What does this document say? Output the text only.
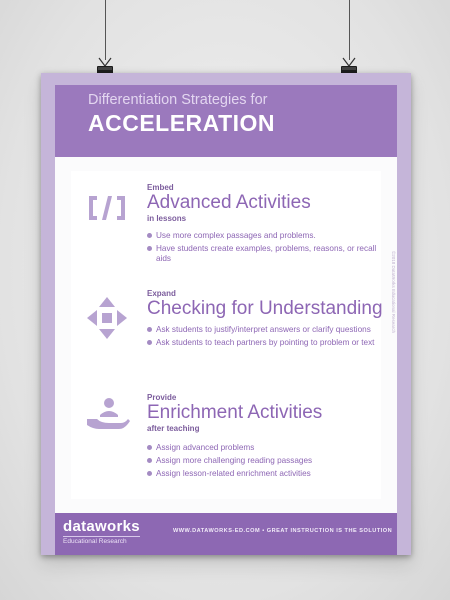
Differentiation Strategies for
ACCELERATION
Embed
Advanced Activities
in lessons
Use more complex passages and problems.
Have students create examples, problems, reasons, or recall aids
Expand
Checking for Understanding
Ask students to justify/interpret answers or clarify questions
Ask students to teach partners by pointing to problem or text
Provide
Enrichment Activities
after teaching
Assign advanced problems
Assign more challenging reading passages
Assign lesson-related enrichment activities
©2018 DataWorks Educational Research
dataworks
Educational Research
WWW.DATAWORKS-ED.COM • GREAT INSTRUCTION IS THE SOLUTION
